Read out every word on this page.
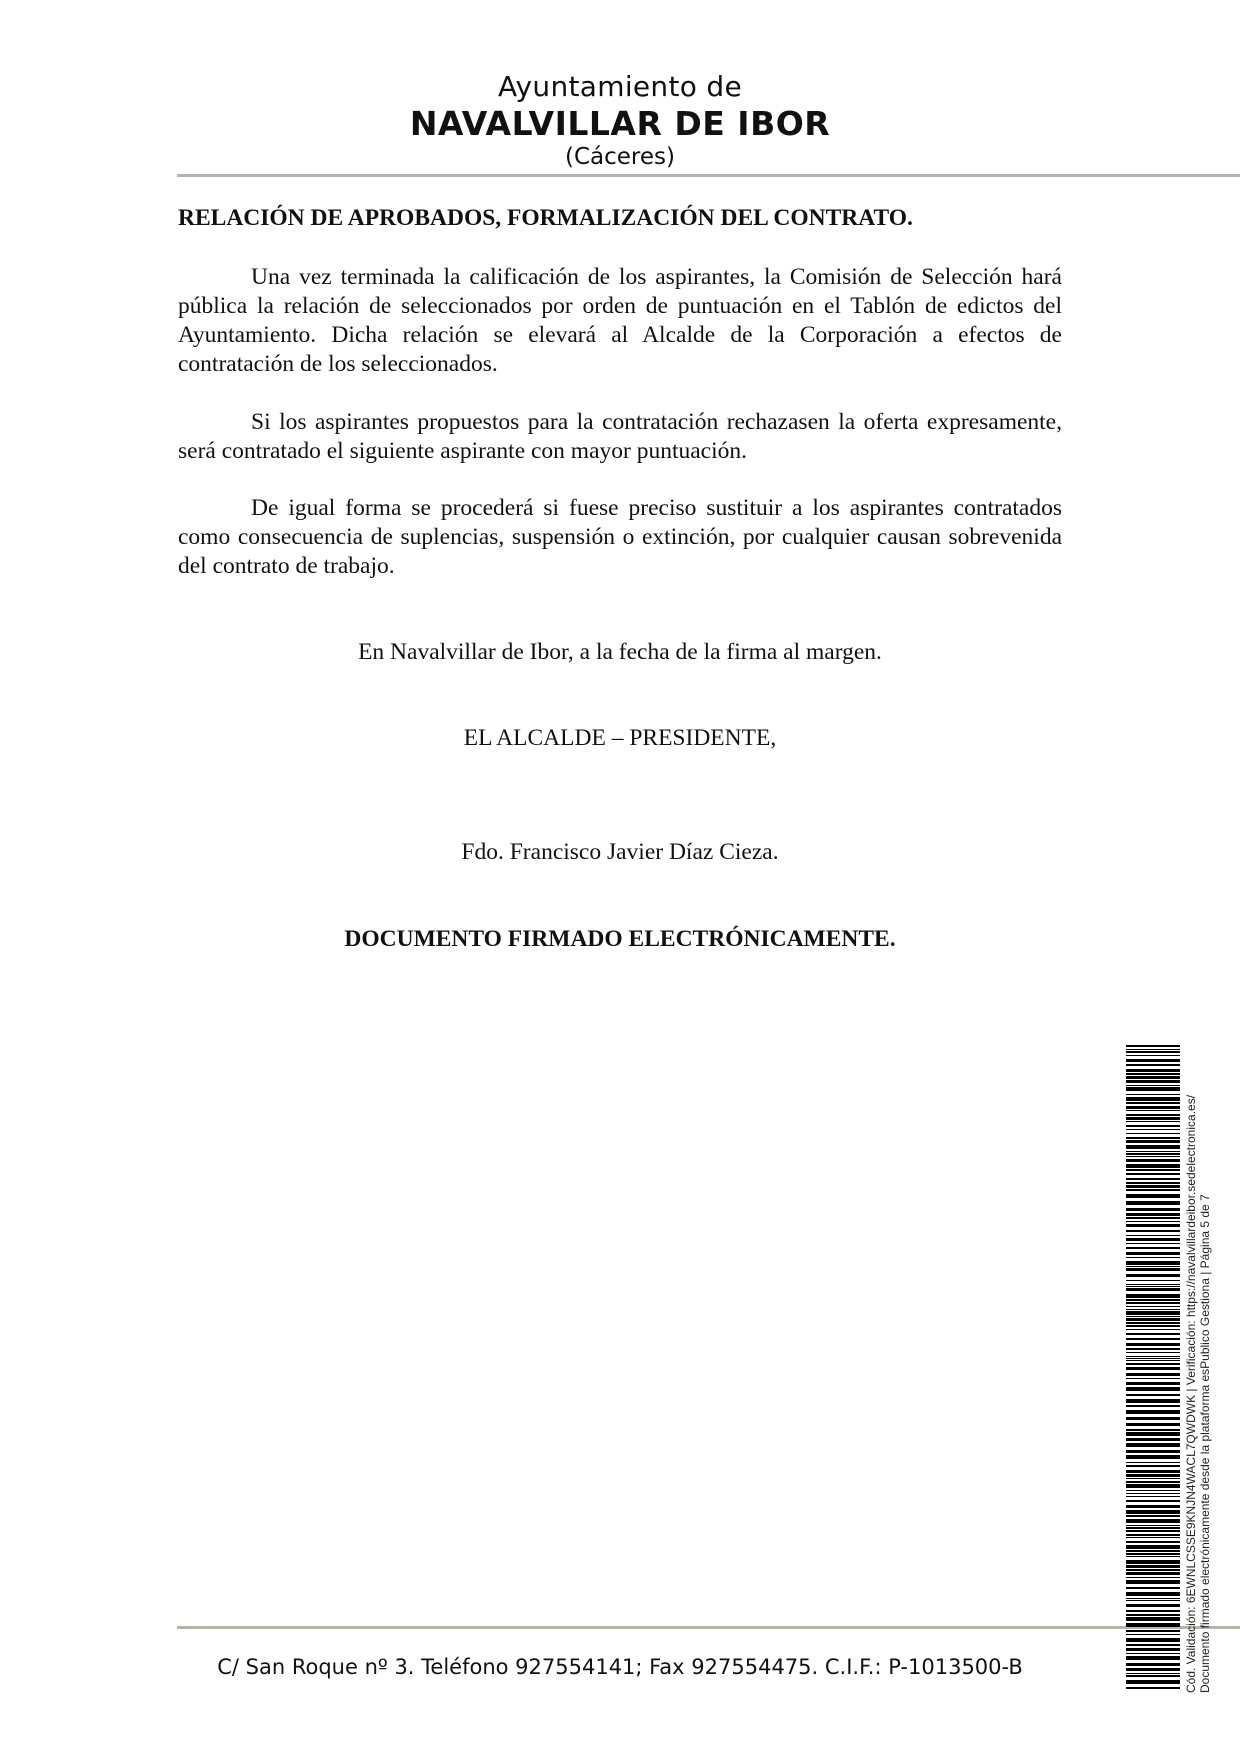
Ayuntamiento de
NAVALVILLAR DE IBOR
(Cáceres)
RELACIÓN DE APROBADOS, FORMALIZACIÓN DEL CONTRATO.

Una vez terminada la calificación de los aspirantes, la Comisión de Selección hará pública la relación de seleccionados por orden de puntuación en el Tablón de edictos del Ayuntamiento. Dicha relación se elevará al Alcalde de la Corporación a efectos de contratación de los seleccionados.

Si los aspirantes propuestos para la contratación rechazasen la oferta expresamente, será contratado el siguiente aspirante con mayor puntuación.

De igual forma se procederá si fuese preciso sustituir a los aspirantes contratados como consecuencia de suplencias, suspensión o extinción, por cualquier causan sobrevenida del contrato de trabajo.

En Navalvillar de Ibor, a la fecha de la firma al margen.
EL ALCALDE – PRESIDENTE,
Fdo. Francisco Javier Díaz Cieza.
DOCUMENTO FIRMADO ELECTRÓNICAMENTE.
C/ San Roque nº 3. Teléfono 927554141; Fax 927554475. C.I.F.: P-1013500-B	Cód. Validación: 6EWNLCSSE9KNJN4WACL7QWDWK | Verificación: https://navalvillardeibor.sedelectronica.es/ Documento firmado electrónicamente desde la plataforma esPublico Gestiona | Página 5 de 7
